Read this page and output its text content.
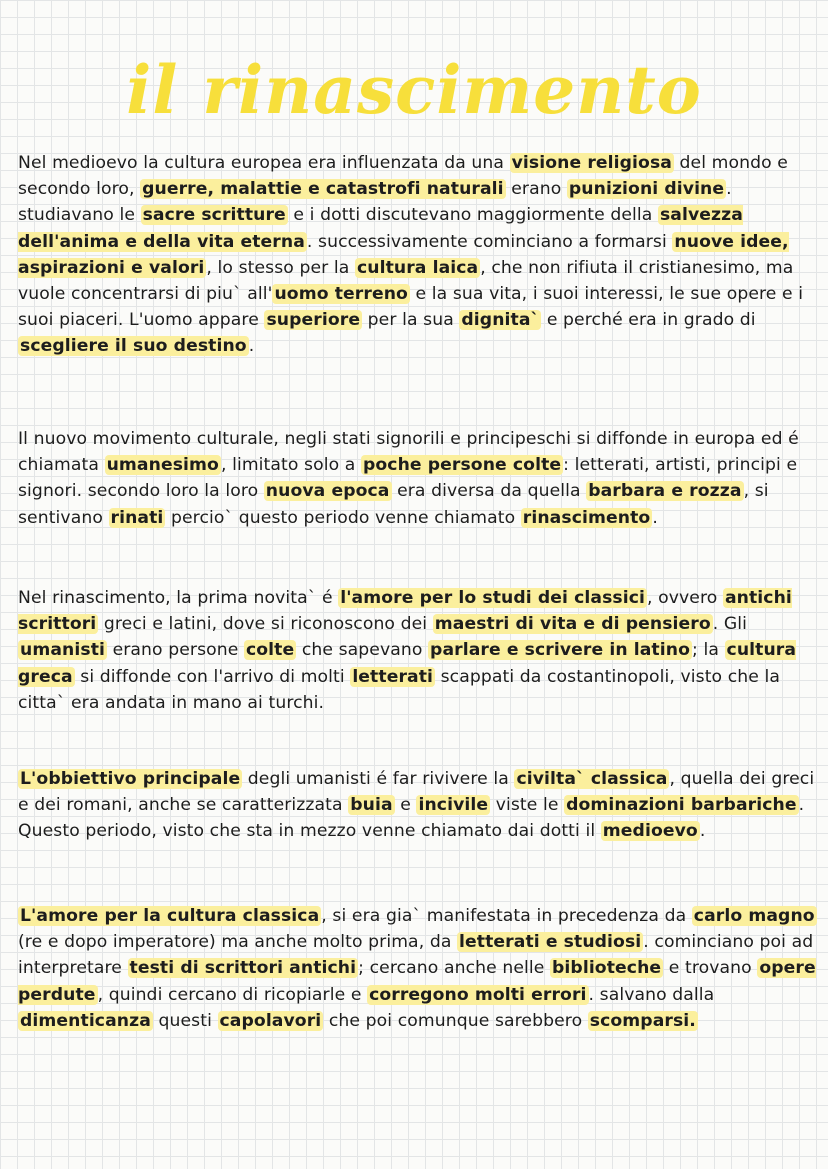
il rinascimento

Nel medioevo la cultura europea era influenzata da una visione religiosa del mondo e secondo loro, guerre, malattie e catastrofi naturali erano punizioni divine . studiavano le sacre scritture e i dotti discutevano maggiormente della salvezza dell'anima e della vita eterna . successivamente cominciano a formarsi nuove idee, aspirazioni e valori , lo stesso per la cultura laica , che non rifiuta il cristianesimo, ma vuole concentrarsi di piu` all' uomo terreno e la sua vita, i suoi interessi, le sue opere e i suoi piaceri. L'uomo appare superiore per la sua dignita` e perché era in grado di scegliere il suo destino .

Il nuovo movimento culturale, negli stati signorili e principeschi si diffonde in europa ed é chiamata umanesimo , limitato solo a poche persone colte : letterati, artisti, principi e signori. secondo loro la loro nuova epoca era diversa da quella barbara e rozza , si sentivano rinati percio` questo periodo venne chiamato rinascimento .

Nel rinascimento, la prima novita` é l'amore per lo studi dei classici , ovvero antichi scrittori greci e latini, dove si riconoscono dei maestri di vita e di pensiero . Gli umanisti erano persone colte che sapevano parlare e scrivere in latino ; la cultura greca si diffonde con l'arrivo di molti letterati scappati da costantinopoli, visto che la citta` era andata in mano ai turchi.

L'obbiettivo principale degli umanisti é far rivivere la civilta` classica , quella dei greci e dei romani, anche se caratterizzata buia e incivile viste le dominazioni barbariche . Questo periodo, visto che sta in mezzo venne chiamato dai dotti il medioevo .

L'amore per la cultura classica , si era gia` manifestata in precedenza da carlo magno (re e dopo imperatore) ma anche molto prima, da letterati e studiosi . cominciano poi ad interpretare testi di scrittori antichi ; cercano anche nelle biblioteche e trovano opere perdute , quindi cercano di ricopiarle e corregono molti errori . salvano dalla dimenticanza questi capolavori che poi comunque sarebbero scomparsi.
